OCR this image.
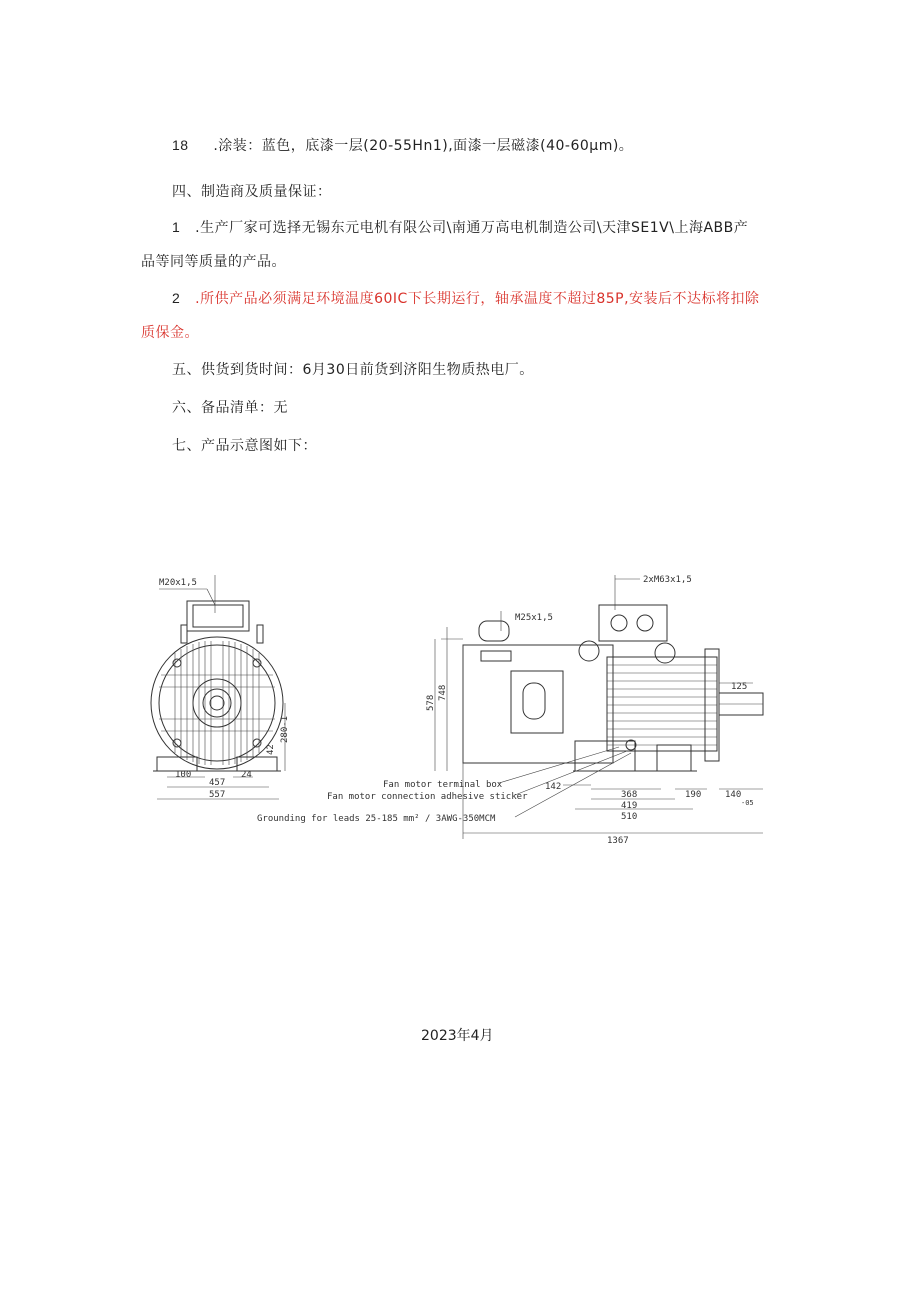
18 .涂装：蓝色，底漆一层(20-55Hn1),面漆一层磁漆(40-60μm)。
四、制造商及质量保证：
1 .生产厂家可选择无锡东元电机有限公司\南通万高电机制造公司\天津SE1V\上海ABB产
品等同等质量的产品。
2 .所供产品必须满足环境温度60IC下长期运行，轴承温度不超过85P,安装后不达标将扣除
质保金。
五、供货到货时间：6月30日前货到济阳生物质热电厂。
六、备品清单：无
七、产品示意图如下：
M20x1,5
280-1
42
100	24
457
557
2xM63x1,5
M25x1,5
125
578
748
142
368
419
510
190	140
-05
1367
Fan motor terminal box
Fan motor connection adhesive sticker
Grounding for leads 25-185 mm² / 3AWG-350MCM
2023年4月
